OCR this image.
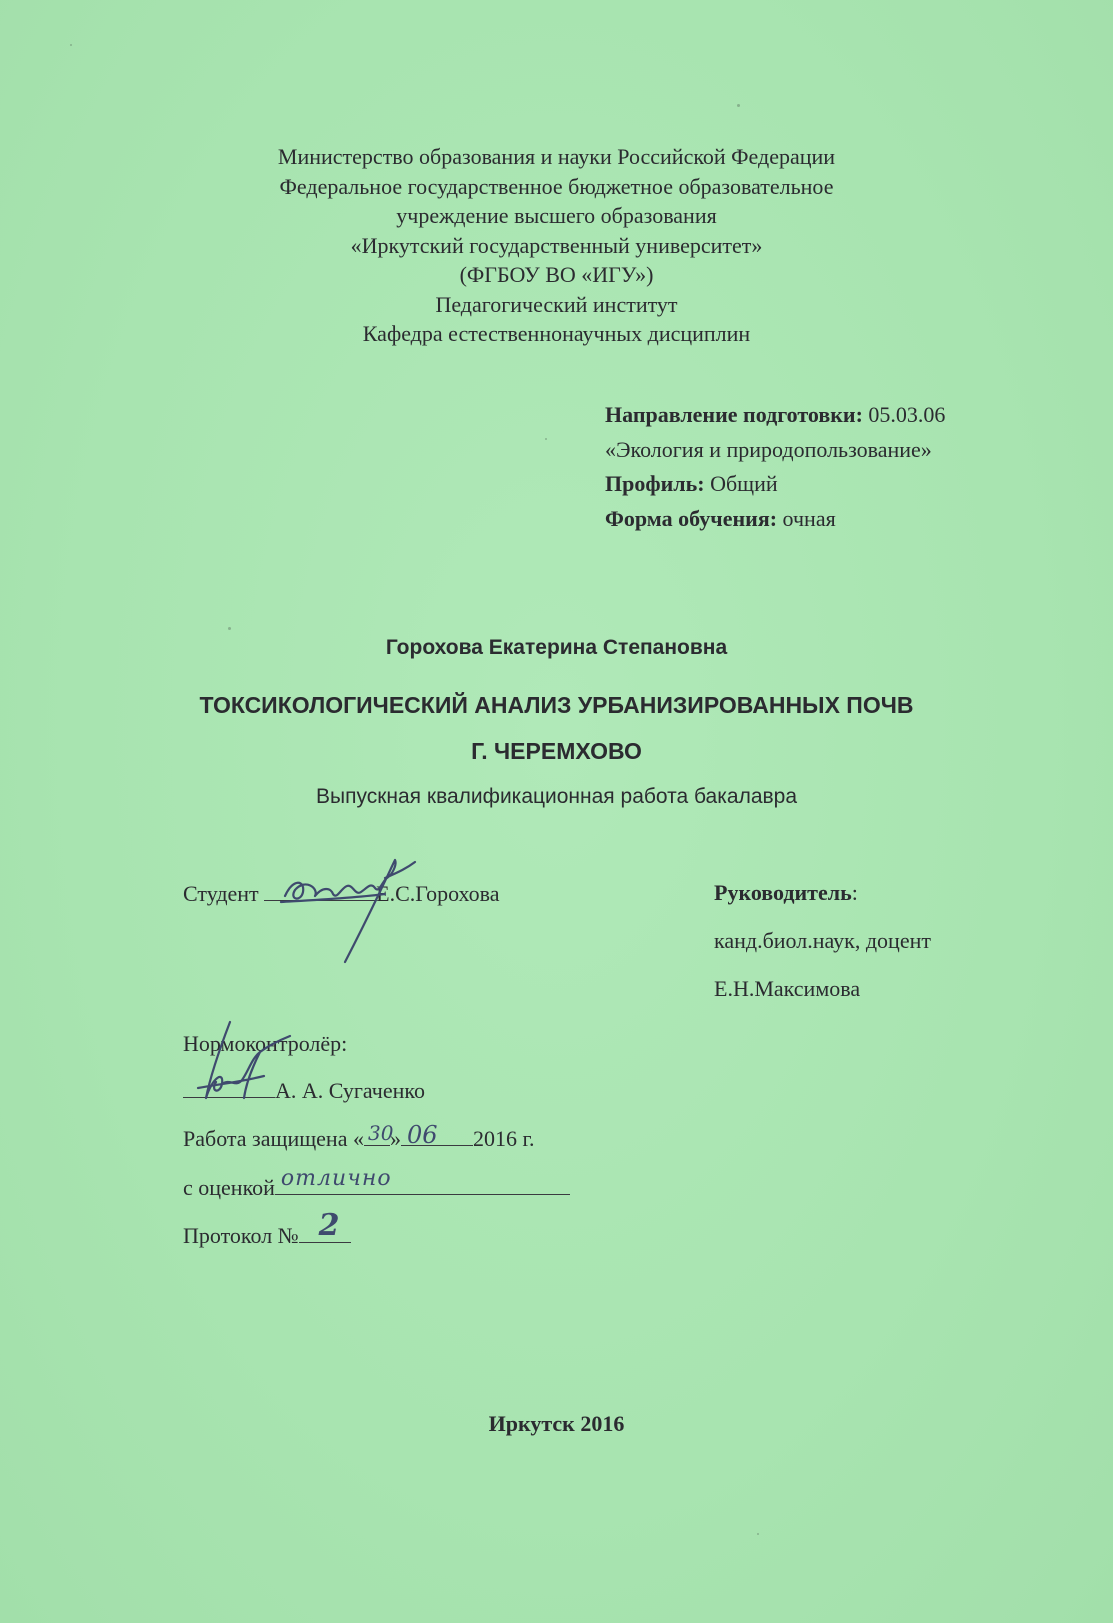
Министерство образования и науки Российской Федерации
Федеральное государственное бюджетное образовательное
учреждение высшего образования
«Иркутский государственный университет»
(ФГБОУ ВО «ИГУ»)
Педагогический институт
Кафедра естественнонаучных дисциплин
Направление подготовки: 05.03.06
«Экология и природопользование»
Профиль: Общий
Форма обучения: очная
Горохова Екатерина Степановна
ТОКСИКОЛОГИЧЕСКИЙ АНАЛИЗ УРБАНИЗИРОВАННЫХ ПОЧВ
Г. ЧЕРЕМХОВО
Выпускная квалификационная работа бакалавра
Студент	Е.С.Горохова	Руководитель:
канд.биол.наук, доцент
Е.Н.Максимова
Нормоконтролёр:
А. А. Сугаченко
Работа защищена « 30
» 06 2016 г.
с оценкой отлично
Протокол № 2
Иркутск 2016
